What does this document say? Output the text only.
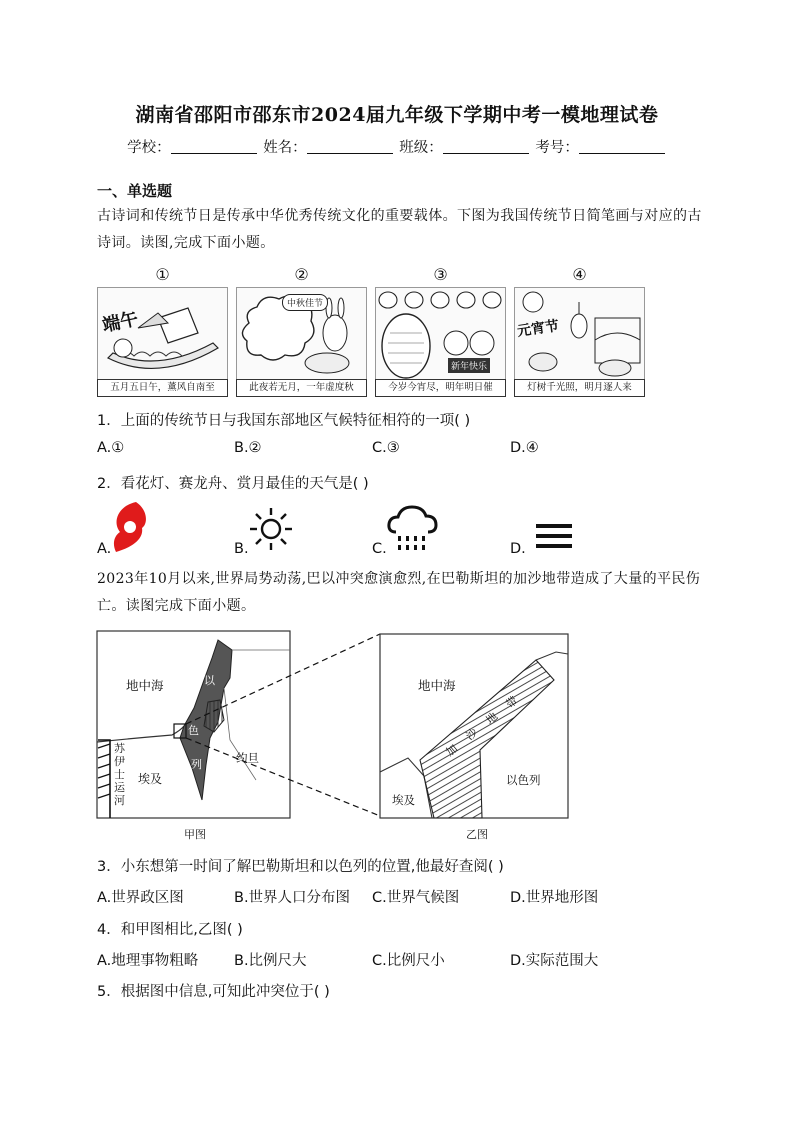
湖南省邵阳市邵东市2024届九年级下学期中考一模地理试卷
学校：	姓名：	班级：	考号：
一、单选题
古诗词和传统节日是传承中华优秀传统文化的重要载体。下图为我国传统节日简笔画与对应的古诗词。读图,完成下面小题。
①
端午
五月五日午，薰风自南至
②
中秋佳节
此夜若无月，一年虚度秋
③
新年快乐
今岁今宵尽，明年明日催
④
元宵节
灯树千光照，明月逐人来
1．上面的传统节日与我国东部地区气候特征相符的一项( )
A.①	B.②	C.③	D.④
2．看花灯、赛龙舟、赏月最佳的天气是( )
A.	B.	C.	D.
2023年10月以来,世界局势动荡,巴以冲突愈演愈烈,在巴勒斯坦的加沙地带造成了大量的平民伤亡。读图完成下面小题。
地中海	以
色
列	约旦
埃及
苏 伊 士 运 河
甲图
地中海
加
沙
地
带
以色列
埃及
乙图
3．小东想第一时间了解巴勒斯坦和以色列的位置,他最好查阅( )
A.世界政区图	B.世界人口分布图 C.世界气候图	D.世界地形图
4．和甲图相比,乙图( )
A.地理事物粗略 B.比例尺大	C.比例尺小	D.实际范围大
5．根据图中信息,可知此冲突位于( )
